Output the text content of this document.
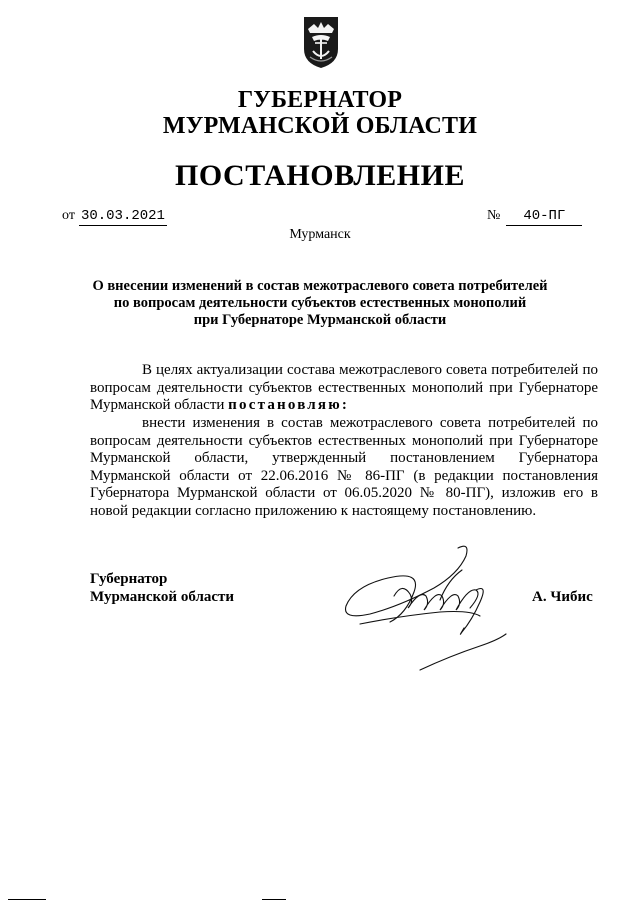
ГУБЕРНАТОР
МУРМАНСКОЙ ОБЛАСТИ
ПОСТАНОВЛЕНИЕ
от 30.03.2021	№ 40-ПГ
Мурманск
О внесении изменений в состав межотраслевого совета потребителей
по вопросам деятельности субъектов естественных монополий
при Губернаторе Мурманской области
В целях актуализации состава межотраслевого совета потребителей по вопросам деятельности субъектов естественных монополий при Губернаторе Мурманской области постановляю:
внести изменения в состав межотраслевого совета потребителей по вопросам деятельности субъектов естественных монополий при Губернаторе Мурманской области, утвержденный постановлением Губернатора Мурманской области от 22.06.2016 № 86-ПГ (в редакции постановления Губернатора Мурманской области от 06.05.2020 № 80-ПГ), изложив его в новой редакции согласно приложению к настоящему постановлению.
Губернатор
Мурманской области	А. Чибис
